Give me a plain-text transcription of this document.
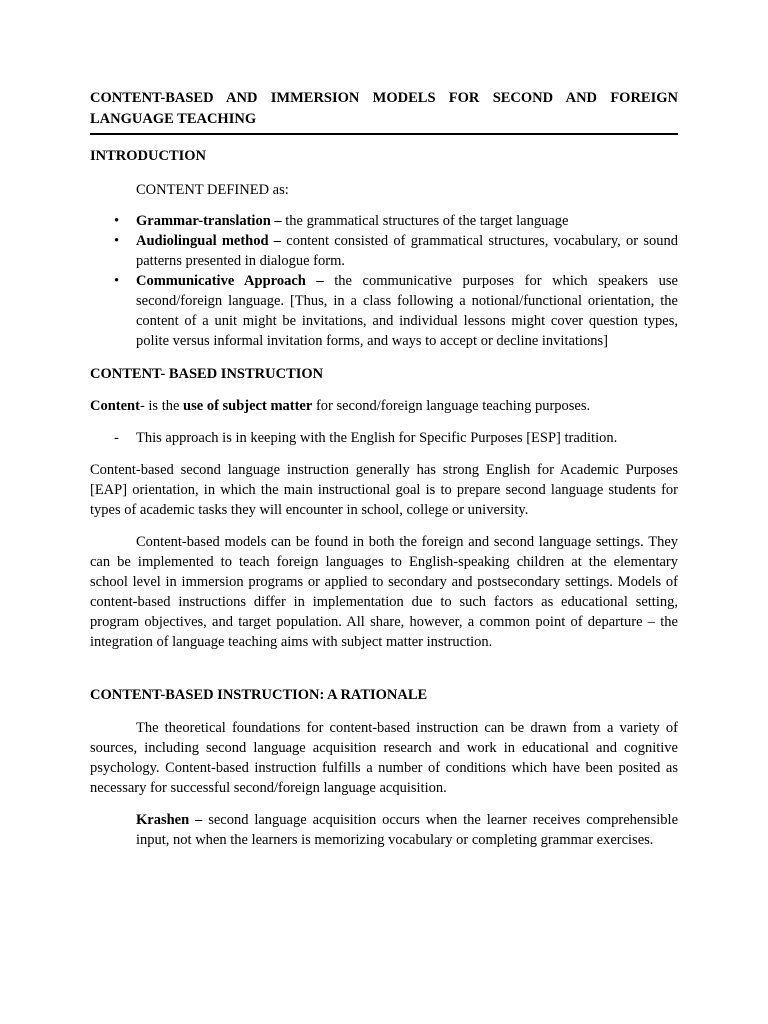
CONTENT-BASED AND IMMERSION MODELS FOR SECOND AND FOREIGN LANGUAGE TEACHING

INTRODUCTION

CONTENT DEFINED as:

• Grammar-translation – the grammatical structures of the target language
• Audiolingual method – content consisted of grammatical structures, vocabulary, or sound patterns presented in dialogue form.
• Communicative Approach – the communicative purposes for which speakers use second/foreign language. [Thus, in a class following a notional/functional orientation, the content of a unit might be invitations, and individual lessons might cover question types, polite versus informal invitation forms, and ways to accept or decline invitations]

CONTENT- BASED INSTRUCTION

Content- is the use of subject matter for second/foreign language teaching purposes.

- This approach is in keeping with the English for Specific Purposes [ESP] tradition.

Content-based second language instruction generally has strong English for Academic Purposes [EAP] orientation, in which the main instructional goal is to prepare second language students for types of academic tasks they will encounter in school, college or university.

Content-based models can be found in both the foreign and second language settings. They can be implemented to teach foreign languages to English-speaking children at the elementary school level in immersion programs or applied to secondary and postsecondary settings. Models of content-based instructions differ in implementation due to such factors as educational setting, program objectives, and target population. All share, however, a common point of departure – the integration of language teaching aims with subject matter instruction.

CONTENT-BASED INSTRUCTION: A RATIONALE

The theoretical foundations for content-based instruction can be drawn from a variety of sources, including second language acquisition research and work in educational and cognitive psychology. Content-based instruction fulfills a number of conditions which have been posited as necessary for successful second/foreign language acquisition.

Krashen – second language acquisition occurs when the learner receives comprehensible input, not when the learners is memorizing vocabulary or completing grammar exercises.
